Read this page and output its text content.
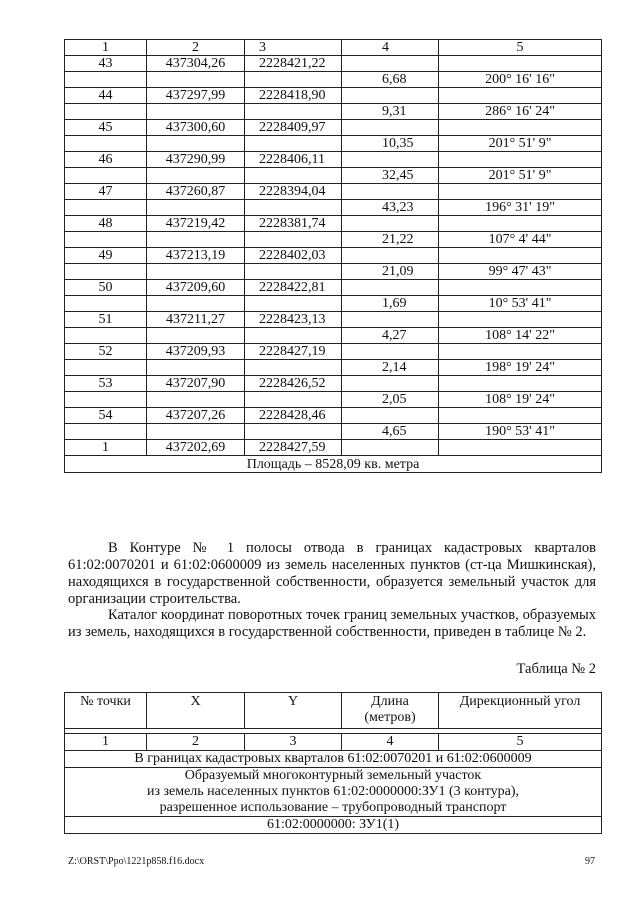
1	2	3	4	5
43	437304,26	2228421,22		
			6,68	200° 16' 16"
44	437297,99	2228418,90		
			9,31	286° 16' 24"
45	437300,60	2228409,97		
			10,35	201° 51' 9"
46	437290,99	2228406,11		
			32,45	201° 51' 9"
47	437260,87	2228394,04		
			43,23	196° 31' 19"
48	437219,42	2228381,74		
			21,22	107° 4' 44"
49	437213,19	2228402,03		
			21,09	99° 47' 43"
50	437209,60	2228422,81		
			1,69	10° 53' 41"
51	437211,27	2228423,13		
			4,27	108° 14' 22"
52	437209,93	2228427,19		
			2,14	198° 19' 24"
53	437207,90	2228426,52		
			2,05	108° 19' 24"
54	437207,26	2228428,46		
			4,65	190° 53' 41"
1	437202,69	2228427,59		
Площадь – 8528,09 кв. метра				

В Контуре № 1 полосы отвода в границах кадастровых кварталов 61:02:0070201 и 61:02:0600009 из земель населенных пунктов (ст-ца Мишкинская), находящихся в государственной собственности, образуется земельный участок для организации строительства.

Каталог координат поворотных точек границ земельных участков, образуемых из земель, находящихся в государственной собственности, приведен в таблице № 2.

Таблица № 2

№ точки	X	Y	Длина (метров)	Дирекционный угол

1	2	3	4	5
В границах кадастровых кварталов 61:02:0070201 и 61:02:0600009				

Образуемый многоконтурный земельный участок
из земель населенных пунктов 61:02:0000000:ЗУ1 (3 контура),
разрешенное использование – трубопроводный транспорт				

61:02:0000000: ЗУ1(1)				

Z:\ORST\Ppo\1221p858.f16.docx	97
